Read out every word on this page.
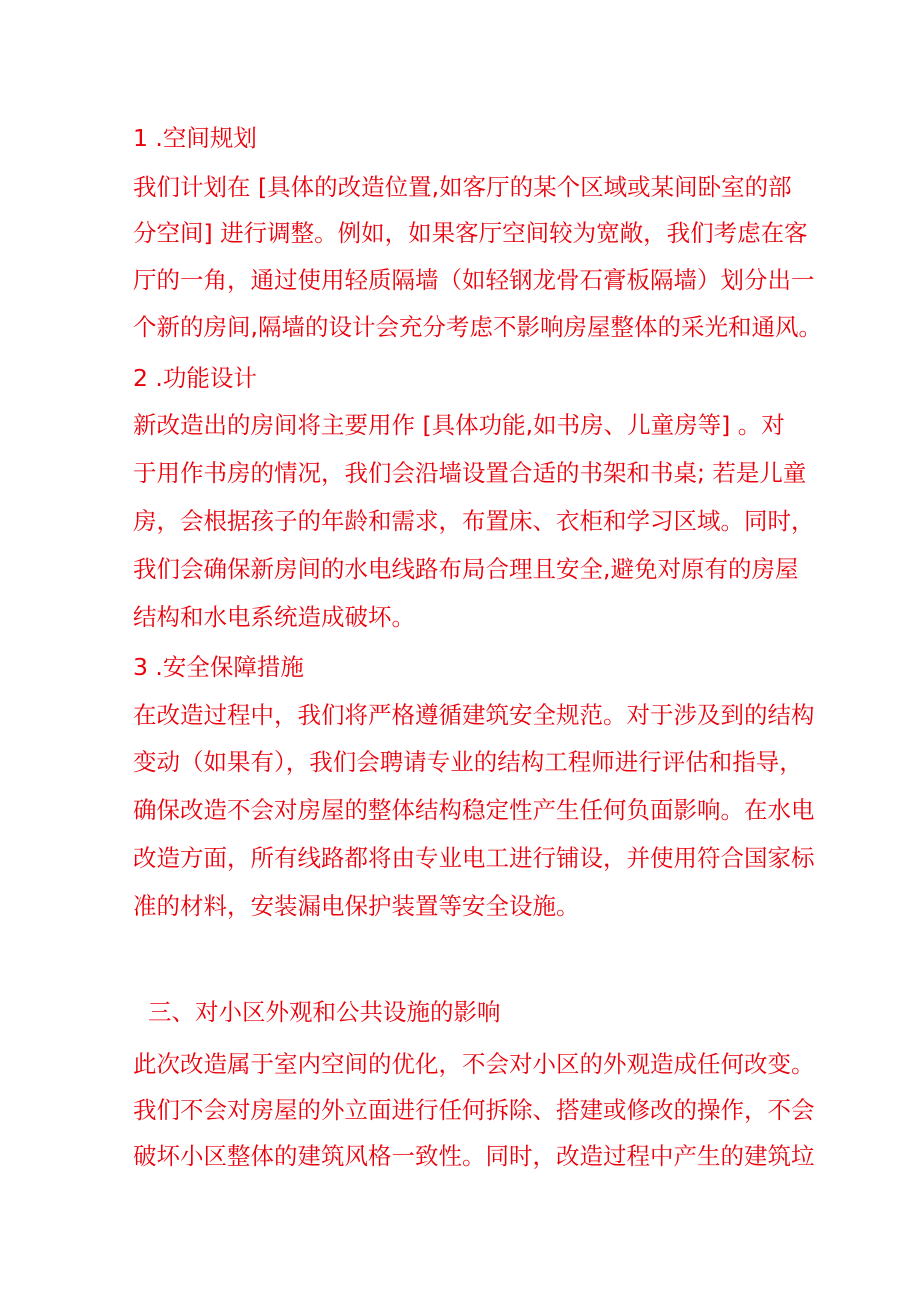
1 .空间规划
我们计划在 [具体的改造位置,如客厅的某个区域或某间卧室的部
分空间] 进行调整。例如，如果客厅空间较为宽敞，我们考虑在客
厅的一角，通过使用轻质隔墙（如轻钢龙骨石膏板隔墙）划分出一
个新的房间,隔墙的设计会充分考虑不影响房屋整体的采光和通风。
2 .功能设计
新改造出的房间将主要用作 [具体功能,如书房、儿童房等] 。对
于用作书房的情况，我们会沿墙设置合适的书架和书桌; 若是儿童
房，会根据孩子的年龄和需求，布置床、衣柜和学习区域。同时，
我们会确保新房间的水电线路布局合理且安全,避免对原有的房屋
结构和水电系统造成破坏。
3 .安全保障措施
在改造过程中，我们将严格遵循建筑安全规范。对于涉及到的结构
变动（如果有），我们会聘请专业的结构工程师进行评估和指导，
确保改造不会对房屋的整体结构稳定性产生任何负面影响。在水电
改造方面，所有线路都将由专业电工进行铺设，并使用符合国家标
准的材料，安装漏电保护装置等安全设施。
三、对小区外观和公共设施的影响
此次改造属于室内空间的优化，不会对小区的外观造成任何改变。
我们不会对房屋的外立面进行任何拆除、搭建或修改的操作，不会
破坏小区整体的建筑风格一致性。同时，改造过程中产生的建筑垃
